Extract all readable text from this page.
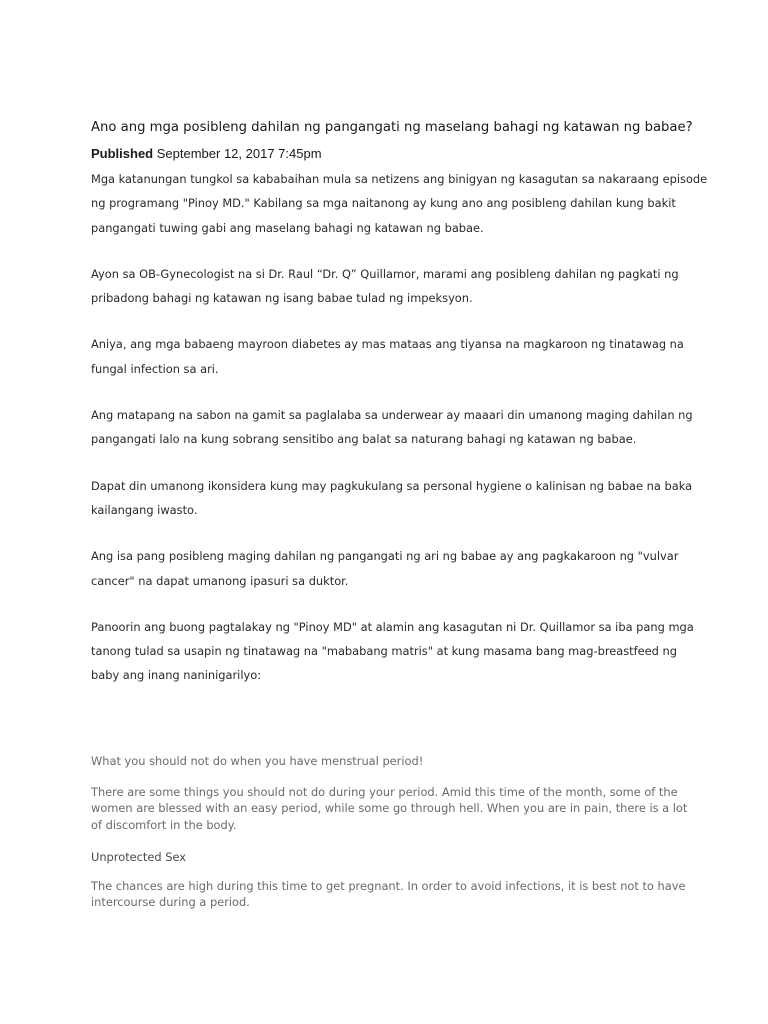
Ano ang mga posibleng dahilan ng pangangati ng maselang bahagi ng katawan ng babae?
Published September 12, 2017 7:45pm
Mga katanungan tungkol sa kababaihan mula sa netizens ang binigyan ng kasagutan sa nakaraang episode
ng programang "Pinoy MD." Kabilang sa mga naitanong ay kung ano ang posibleng dahilan kung bakit
pangangati tuwing gabi ang maselang bahagi ng katawan ng babae.
Ayon sa OB-Gynecologist na si Dr. Raul “Dr. Q” Quillamor, marami ang posibleng dahilan ng pagkati ng
pribadong bahagi ng katawan ng isang babae tulad ng impeksyon.
Aniya, ang mga babaeng mayroon diabetes ay mas mataas ang tiyansa na magkaroon ng tinatawag na
fungal infection sa ari.
Ang matapang na sabon na gamit sa paglalaba sa underwear ay maaari din umanong maging dahilan ng
pangangati lalo na kung sobrang sensitibo ang balat sa naturang bahagi ng katawan ng babae.
Dapat din umanong ikonsidera kung may pagkukulang sa personal hygiene o kalinisan ng babae na baka
kailangang iwasto.
Ang isa pang posibleng maging dahilan ng pangangati ng ari ng babae ay ang pagkakaroon ng "vulvar
cancer" na dapat umanong ipasuri sa duktor.
Panoorin ang buong pagtalakay ng "Pinoy MD" at alamin ang kasagutan ni Dr. Quillamor sa iba pang mga
tanong tulad sa usapin ng tinatawag na "mababang matris" at kung masama bang mag-breastfeed ng
baby ang inang naninigarilyo:
What you should not do when you have menstrual period!
There are some things you should not do during your period. Amid this time of the month, some of the
women are blessed with an easy period, while some go through hell. When you are in pain, there is a lot
of discomfort in the body.
Unprotected Sex
The chances are high during this time to get pregnant. In order to avoid infections, it is best not to have
intercourse during a period.
